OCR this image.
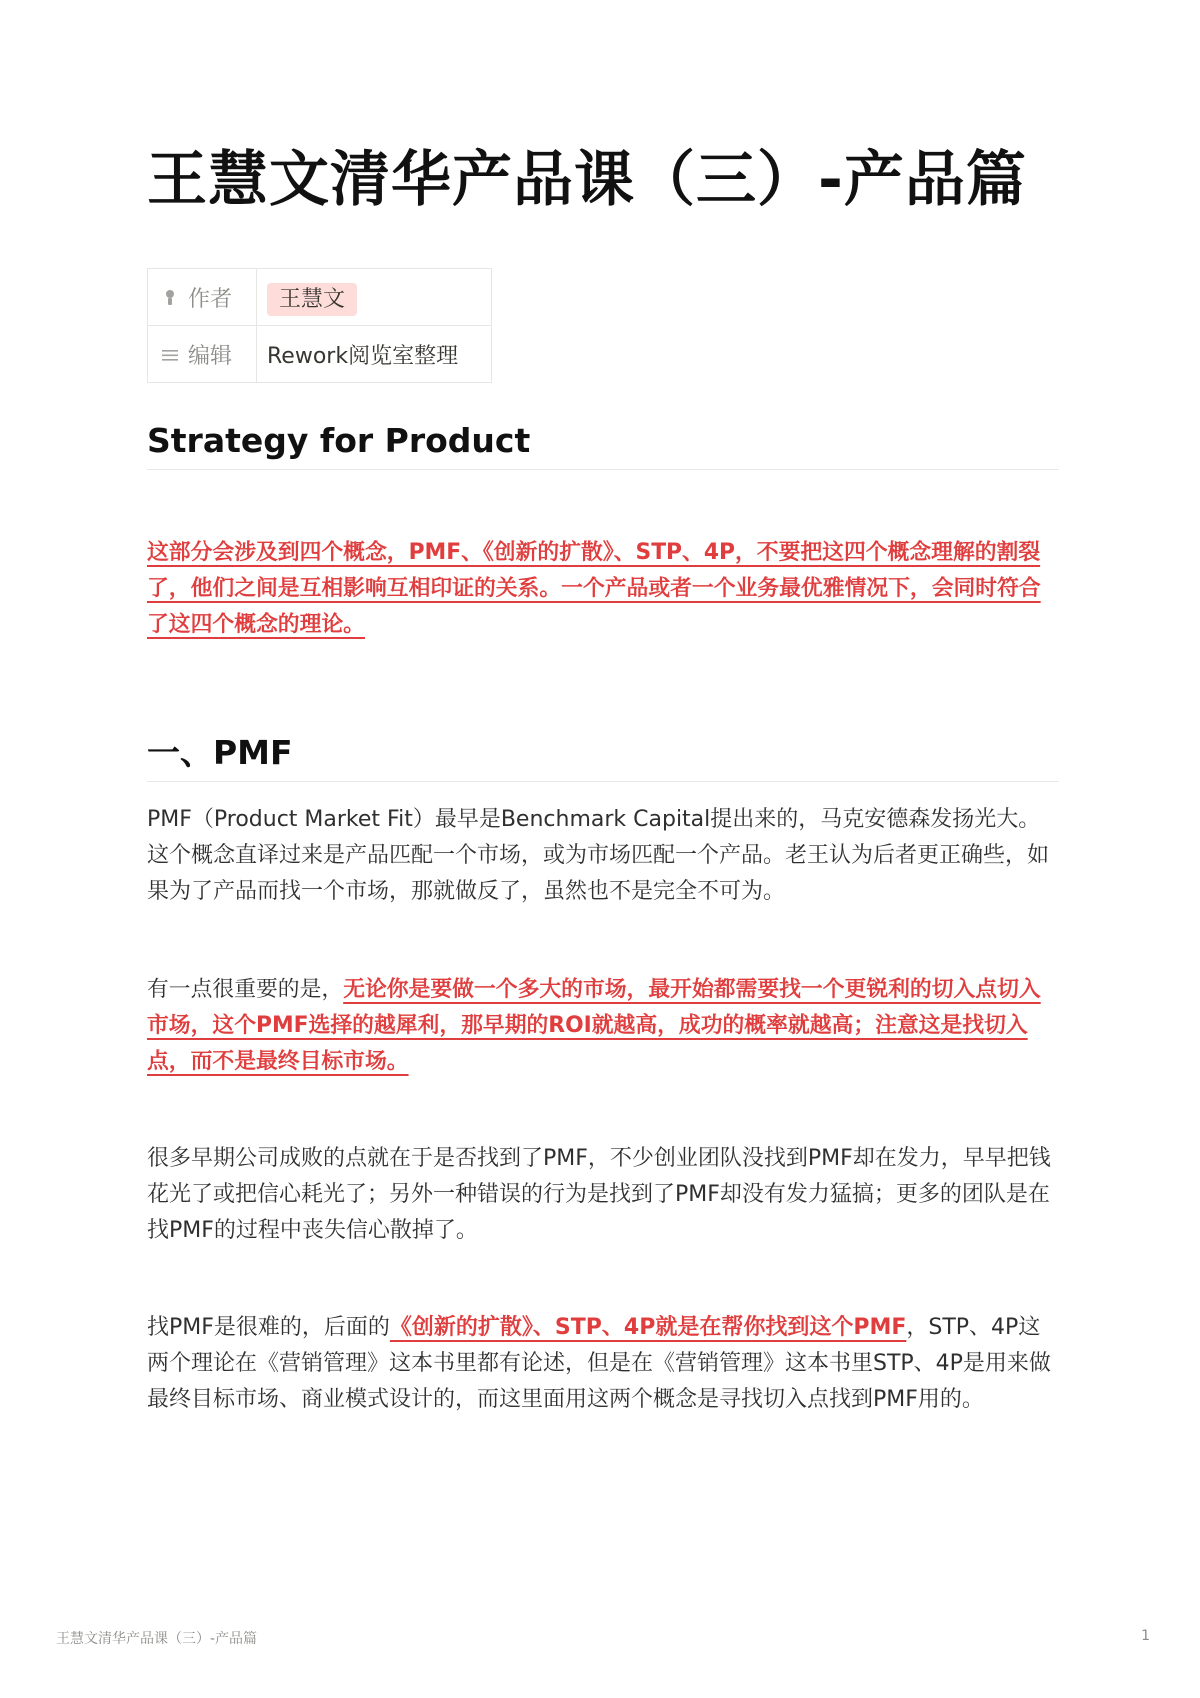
王慧文清华产品课（三）-产品篇
作者	王慧文
编辑	Rework阅览室整理
Strategy for Product

这部分会涉及到四个概念，PMF、《创新的扩散》、STP、4P，不要把这四个概念理解的割裂了，他们之间是互相影响互相印证的关系。一个产品或者一个业务最优雅情况下，会同时符合了这四个概念的理论。

一、PMF

PMF（Product Market Fit）最早是Benchmark Capital提出来的，马克安德森发扬光大。这个概念直译过来是产品匹配一个市场，或为市场匹配一个产品。老王认为后者更正确些，如果为了产品而找一个市场，那就做反了，虽然也不是完全不可为。

有一点很重要的是，无论你是要做一个多大的市场，最开始都需要找一个更锐利的切入点切入市场，这个PMF选择的越犀利，那早期的ROI就越高，成功的概率就越高；注意这是找切入点，而不是最终目标市场。

很多早期公司成败的点就在于是否找到了PMF，不少创业团队没找到PMF却在发力，早早把钱花光了或把信心耗光了；另外一种错误的行为是找到了PMF却没有发力猛搞；更多的团队是在找PMF的过程中丧失信心散掉了。

找PMF是很难的，后面的《创新的扩散》、STP、4P就是在帮你找到这个PMF，STP、4P这两个理论在《营销管理》这本书里都有论述，但是在《营销管理》这本书里STP、4P是用来做最终目标市场、商业模式设计的，而这里面用这两个概念是寻找切入点找到PMF用的。

王慧文清华产品课（三）-产品篇	1
